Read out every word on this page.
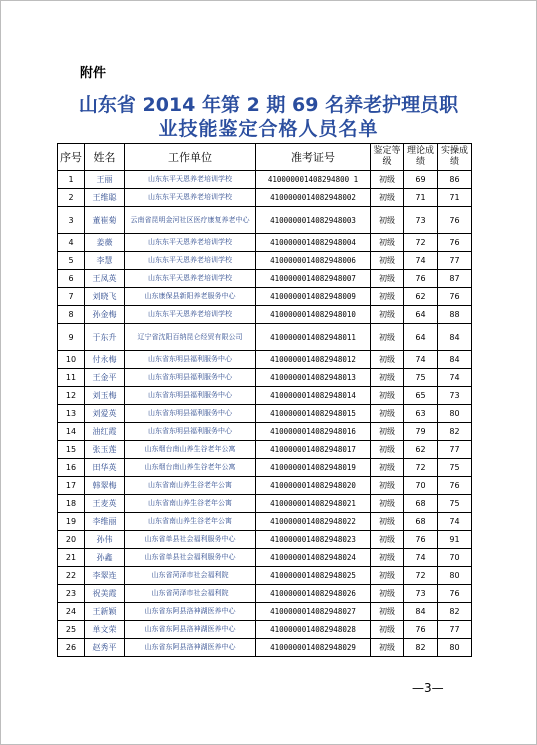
附件
山东省 2014 年第 2 期 69 名养老护理员职
业技能鉴定合格人员名单
序号	姓名	工作单位	准考证号	鉴定等级	理论成绩	实操成绩
1	王丽	山东东平天恩养老培训学校	410000001408294800 1	初级	69	86
2	王维聪	山东东平天恩养老培训学校	4100000014082948002	初级	71	71
3	董崔菊	云南省昆明金河社区医疗康复养老中心	4100000014082948003	初级	73	76
4	姜薇	山东东平天恩养老培训学校	4100000014082948004	初级	72	76
5	李慧	山东东平天恩养老培训学校	4100000014082948006	初级	74	77
6	王凤英	山东东平天恩养老培训学校	4100000014082948007	初级	76	87
7	刘晓飞	山东康保县新阳养老服务中心	4100000014082948009	初级	62	76
8	孙金梅	山东东平天恩养老培训学校	4100000014082948010	初级	64	88
9	于东升	辽宁省沈阳百纳昆仑经贸有限公司	4100000014082948011	初级	64	84
10	付永梅	山东省东明县福利服务中心	4100000014082948012	初级	74	84
11	王金平	山东省东明县福利服务中心	4100000014082948013	初级	75	74
12	刘玉梅	山东省东明县福利服务中心	4100000014082948014	初级	65	73
13	刘爱英	山东省东明县福利服务中心	4100000014082948015	初级	63	80
14	油红霞	山东省东明县福利服务中心	4100000014082948016	初级	79	82
15	张玉莲	山东烟台南山养生谷老年公寓	4100000014082948017	初级	62	77
16	田华英	山东烟台南山养生谷老年公寓	4100000014082948019	初级	72	75
17	韩翠梅	山东省南山养生谷老年公寓	4100000014082948020	初级	70	76
18	王麦英	山东省南山养生谷老年公寓	4100000014082948021	初级	68	75
19	李维丽	山东省南山养生谷老年公寓	4100000014082948022	初级	68	74
20	孙伟	山东省单县社会福利服务中心	4100000014082948023	初级	76	91
21	孙鑫	山东省单县社会福利服务中心	4100000014082948024	初级	74	70
22	李翠连	山东省菏泽市社会福利院	4100000014082948025	初级	72	80
23	祝美霞	山东省菏泽市社会福利院	4100000014082948026	初级	73	76
24	王新颖	山东省东阿县洛神湖医养中心	4100000014082948027	初级	84	82
25	单文荣	山东省东阿县洛神湖医养中心	4100000014082948028	初级	76	77
26	赵秀平	山东省东阿县洛神湖医养中心	4100000014082948029	初级	82	80
—3—
